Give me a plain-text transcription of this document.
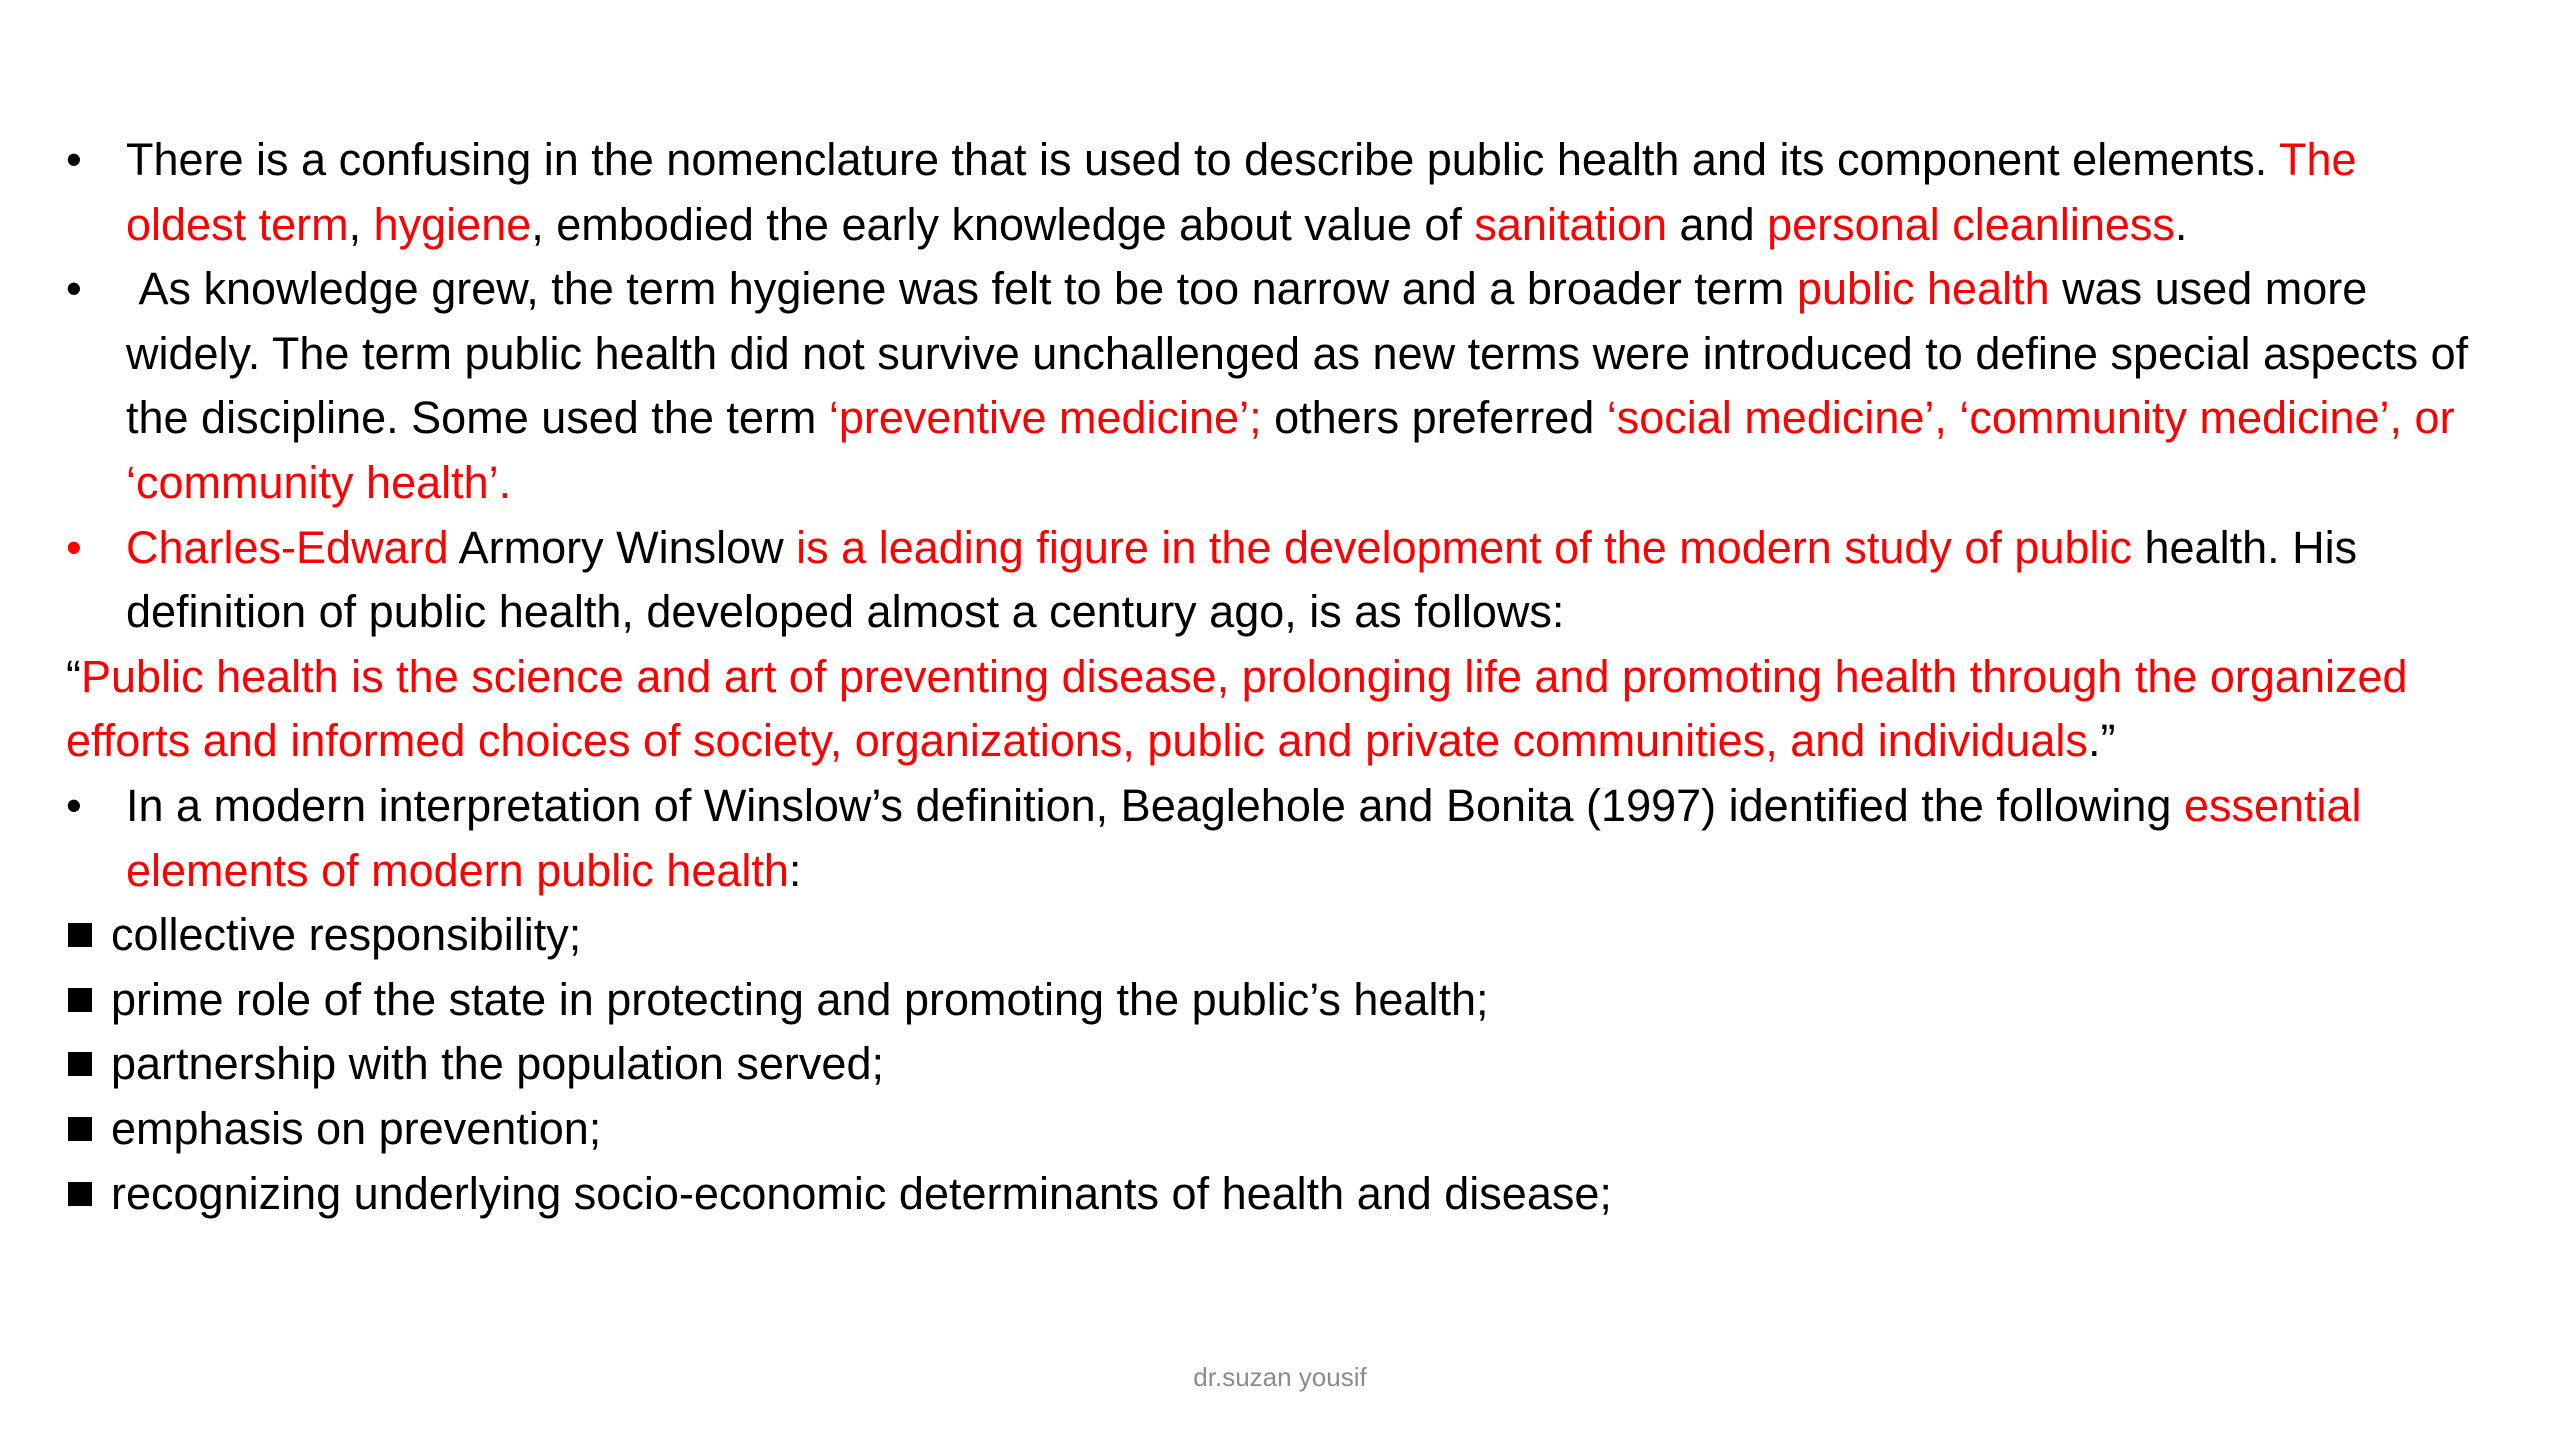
• There is a confusing in the nomenclature that is used to describe public health and its component elements. The oldest term, hygiene, embodied the early knowledge about value of sanitation and personal cleanliness.
• As knowledge grew, the term hygiene was felt to be too narrow and a broader term public health was used more widely. The term public health did not survive unchallenged as new terms were introduced to define special aspects of the discipline. Some used the term ‘preventive medicine’; others preferred ‘social medicine’, ‘community medicine’, or ‘community health’.
• Charles-Edward Armory Winslow is a leading figure in the development of the modern study of public health. His definition of public health, developed almost a century ago, is as follows:
“Public health is the science and art of preventing disease, prolonging life and promoting health through the organized efforts and informed choices of society, organizations, public and private communities, and individuals.”
• In a modern interpretation of Winslow’s definition, Beaglehole and Bonita (1997) identified the following essential elements of modern public health:
collective responsibility;
prime role of the state in protecting and promoting the public’s health;
partnership with the population served;
emphasis on prevention;
recognizing underlying socio-economic determinants of health and disease;
dr.suzan yousif
